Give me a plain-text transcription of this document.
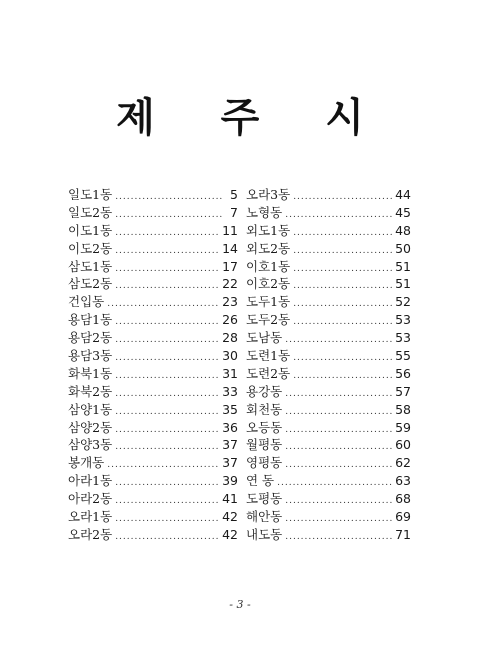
제 주 시
일도1동 .....	5
일도2동 .....	7
이도1동 .....	11
이도2동 .....	14
삼도1동 .....	17
삼도2동 .....	22
건입동 .....	23
용담1동 .....	26
용담2동 .....	28
용담3동 .....	30
화북1동 .....	31
화북2동 .....	33
삼양1동 .....	35
삼양2동 .....	36
삼양3동 .....	37
봉개동 .....	37
아라1동 .....	39
아라2동 .....	41
오라1동 .....	42
오라2동 .....	42
오라3동 .....	44
노형동 .....	45
외도1동 .....	48
외도2동 .....	50
이호1동 .....	51
이호2동 .....	51
도두1동 .....	52
도두2동 .....	53
도남동 .....	53
도련1동 .....	55
도련2동 .....	56
용강동 .....	57
회천동 .....	58
오등동 .....	59
월평동 .....	60
영평동 .....	62
연 동 .....	63
도평동 .....	68
해안동 .....	69
내도동 .....	71
- 3 -
